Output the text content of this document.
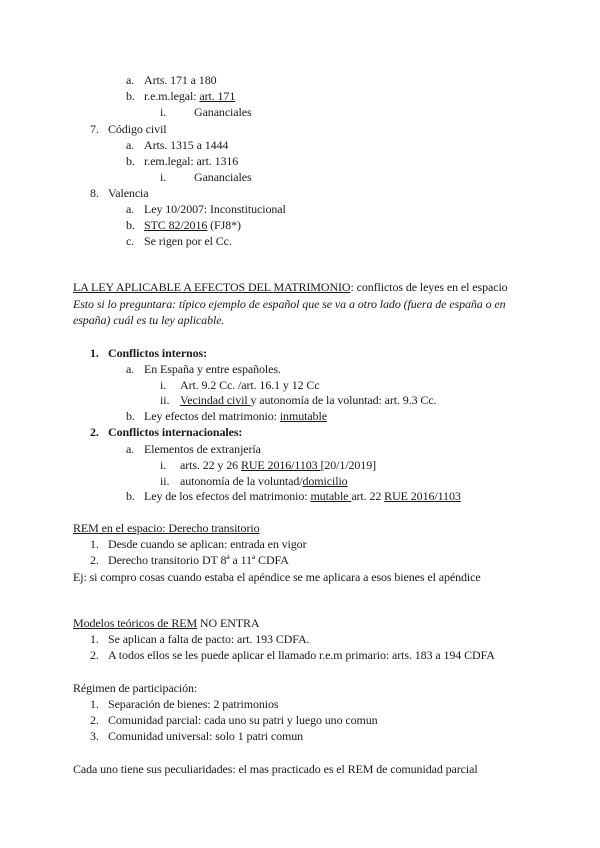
a. Arts. 171 a 180
b. r.e.m.legal: art. 171
i. Gananciales
7. Código civil
a. Arts. 1315 a 1444
b. r.em.legal: art. 1316
i. Gananciales
8. Valencia
a. Ley 10/2007: Inconstitucional
b. STC 82/2016 (FJ8*)
c. Se rigen por el Cc.
LA LEY APLICABLE A EFECTOS DEL MATRIMONIO: conflictos de leyes en el espacio
Esto si lo preguntara: típico ejemplo de español que se va a otro lado (fuera de españa o en
españa) cuál es tu ley aplicable.
1. Conflictos internos:
a. En España y entre españoles.
i. Art. 9.2 Cc. /art. 16.1 y 12 Cc
ii. Vecindad civil y autonomía de la voluntad: art. 9.3 Cc.
b. Ley efectos del matrimonio: inmutable
2. Conflictos internacionales:
a. Elementos de extranjería
i. arts. 22 y 26 RUE 2016/1103 [20/1/2019]
ii. autonomía de la voluntad/domicilio
b. Ley de los efectos del matrimonio: mutable art. 22 RUE 2016/1103
REM en el espacio: Derecho transitorio
1. Desde cuando se aplican: entrada en vigor
2. Derecho transitorio DT 8ª a 11ª CDFA
Ej: si compro cosas cuando estaba el apéndice se me aplicara a esos bienes el apéndice
Modelos teóricos de REM NO ENTRA
1. Se aplican a falta de pacto: art. 193 CDFA.
2. A todos ellos se les puede aplicar el llamado r.e.m primario: arts. 183 a 194 CDFA
Régimen de participación:
1. Separación de bienes: 2 patrimonios
2. Comunidad parcial: cada uno su patri y luego uno comun
3. Comunidad universal: solo 1 patri comun
Cada uno tiene sus peculiaridades: el mas practicado es el REM de comunidad parcial
